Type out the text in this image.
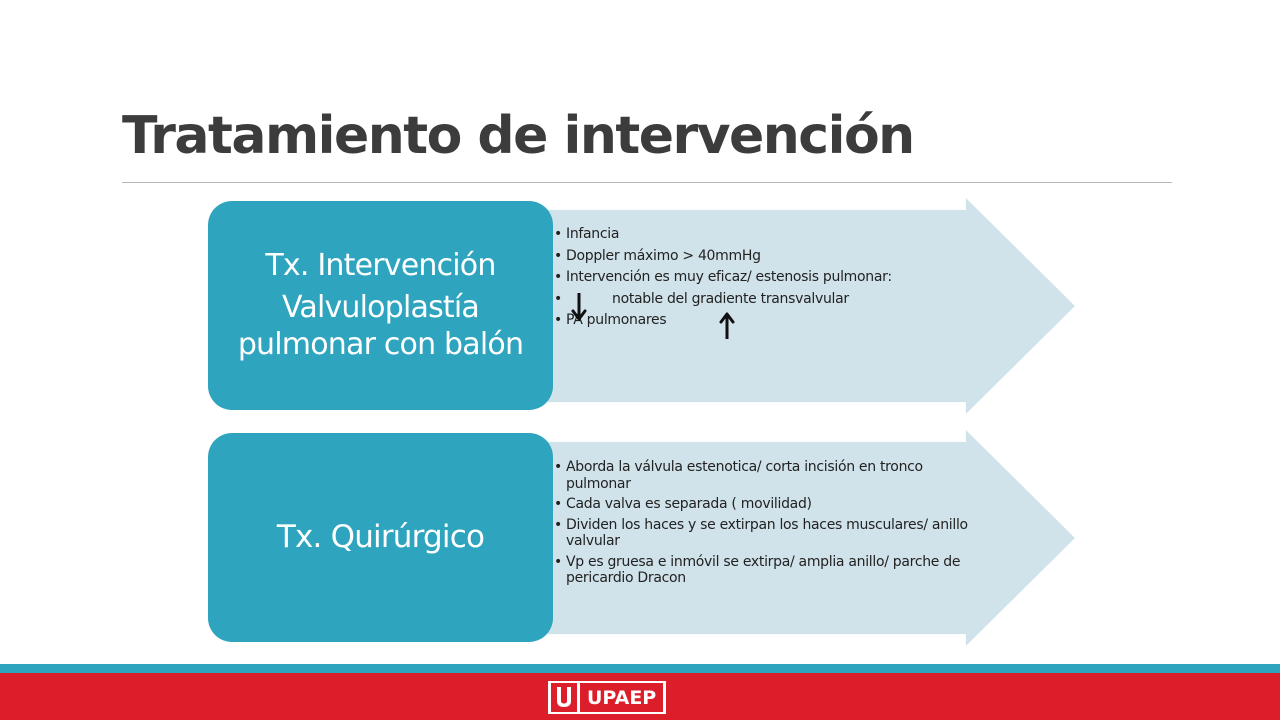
Tratamiento de intervención
Tx. Intervención
Valvuloplastía pulmonar con balón
• Infancia
• Doppler máximo > 40mmHg
• Intervención es muy eficaz/ estenosis pulmonar:
• notable del gradiente transvalvular
• PA pulmonares
Tx. Quirúrgico
• Aborda la válvula estenotica/ corta incisión en tronco pulmonar
• Cada valva es separada ( movilidad)
• Dividen los haces y se extirpan los haces musculares/ anillo valvular
• Vp es gruesa e inmóvil se extirpa/ amplia anillo/ parche de pericardio Dracon
UPAEP
